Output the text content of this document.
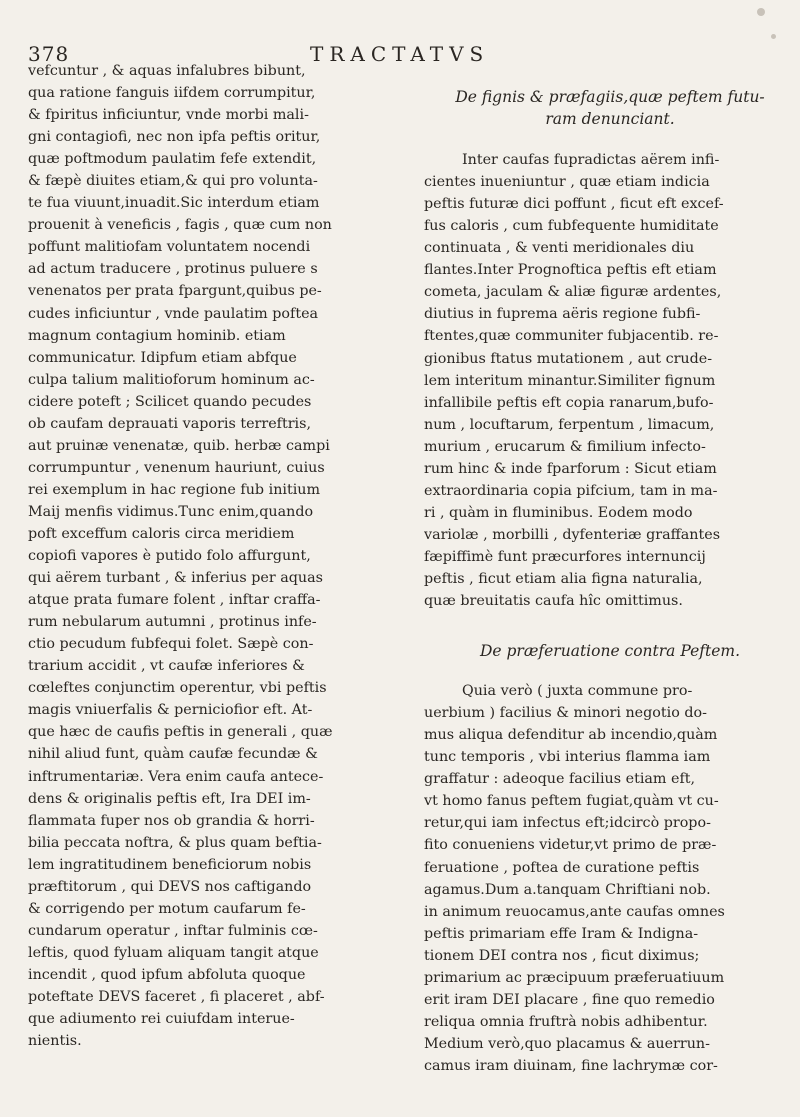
378	TRACTATVS
vefcuntur , & aquas infalubres bibunt,
qua ratione fanguis iifdem corrumpitur,
& fpiritus inficiuntur, vnde morbi mali-
gni contagiofi, nec non ipfa peftis oritur,
quæ poftmodum paulatim fefe extendit,
& fæpè diuites etiam,& qui pro volunta-
te fua viuunt,inuadit.Sic interdum etiam
prouenit à veneficis , fagis , quæ cum non
poffunt malitiofam voluntatem nocendi
ad actum traducere , protinus puluere s
venenatos per prata fpargunt,quibus pe-
cudes inficiuntur , vnde paulatim poftea
magnum contagium hominib. etiam
communicatur. Idipfum etiam abfque
culpa talium malitioforum hominum ac-
cidere poteft ; Scilicet quando pecudes
ob caufam deprauati vaporis terreftris,
aut pruinæ venenatæ, quib. herbæ campi
corrumpuntur , venenum hauriunt, cuius
rei exemplum in hac regione fub initium
Maij menfis vidimus.Tunc enim,quando
poft exceffum caloris circa meridiem
copiofi vapores è putido folo affurgunt,
qui aërem turbant , & inferius per aquas
atque prata fumare folent , inftar craffa-
rum nebularum autumni , protinus infe-
ctio pecudum fubfequi folet. Sæpè con-
trarium accidit , vt caufæ inferiores &
cœleftes conjunctim operentur, vbi peftis
magis vniuerfalis & perniciofior eft. At-
que hæc de caufis peftis in generali , quæ
nihil aliud funt, quàm caufæ fecundæ &
inftrumentariæ. Vera enim caufa antece-
dens & originalis peftis eft, Ira DEI im-
flammata fuper nos ob grandia & horri-
bilia peccata noftra, & plus quam beftia-
lem ingratitudinem beneficiorum nobis
præftitorum , qui DEVS nos caftigando
& corrigendo per motum caufarum fe-
cundarum operatur , inftar fulminis cœ-
leftis, quod fyluam aliquam tangit atque
incendit , quod ipfum abfoluta quoque
poteftate DEVS faceret , fi placeret , abf-
que adiumento rei cuiufdam interue-
nientis.
De fignis & præfagiis,quæ peftem futu-
ram denunciant.
Inter caufas fupradictas aërem infi-
cientes inueniuntur , quæ etiam indicia
peftis futuræ dici poffunt , ficut eft excef-
fus caloris , cum fubfequente humiditate
continuata , & venti meridionales diu
flantes.Inter Prognoftica peftis eft etiam
cometa, jaculam & aliæ figuræ ardentes,
diutius in fuprema aëris regione fubfi-
ftentes,quæ communiter fubjacentib. re-
gionibus ftatus mutationem , aut crude-
lem interitum minantur.Similiter fignum
infallibile peftis eft copia ranarum,bufo-
num , locuftarum, ferpentum , limacum,
murium , erucarum & fimilium infecto-
rum hinc & inde fparforum : Sicut etiam
extraordinaria copia pifcium, tam in ma-
ri , quàm in fluminibus. Eodem modo
variolæ , morbilli , dyfenteriæ graffantes
fæpiffimè funt præcurfores internuncij
peftis , ficut etiam alia figna naturalia,
quæ breuitatis caufa hîc omittimus.
De præferuatione contra Peftem.
Quia verò ( juxta commune pro-
uerbium ) facilius & minori negotio do-
mus aliqua defenditur ab incendio,quàm
tunc temporis , vbi interius flamma iam
graffatur : adeoque facilius etiam eft,
vt homo fanus peftem fugiat,quàm vt cu-
retur,qui iam infectus eft;idcircò propo-
fito conueniens videtur,vt primo de præ-
feruatione , poftea de curatione peftis
agamus.Dum a.tanquam Chriftiani nob.
in animum reuocamus,ante caufas omnes
peftis primariam effe Iram & Indigna-
tionem DEI contra nos , ficut diximus;
primarium ac præcipuum præferuatiuum
erit iram DEI placare , fine quo remedio
reliqua omnia fruftrà nobis adhibentur.
Medium verò,quo placamus & auerrun-
camus iram diuinam, fine lachrymæ cor-
